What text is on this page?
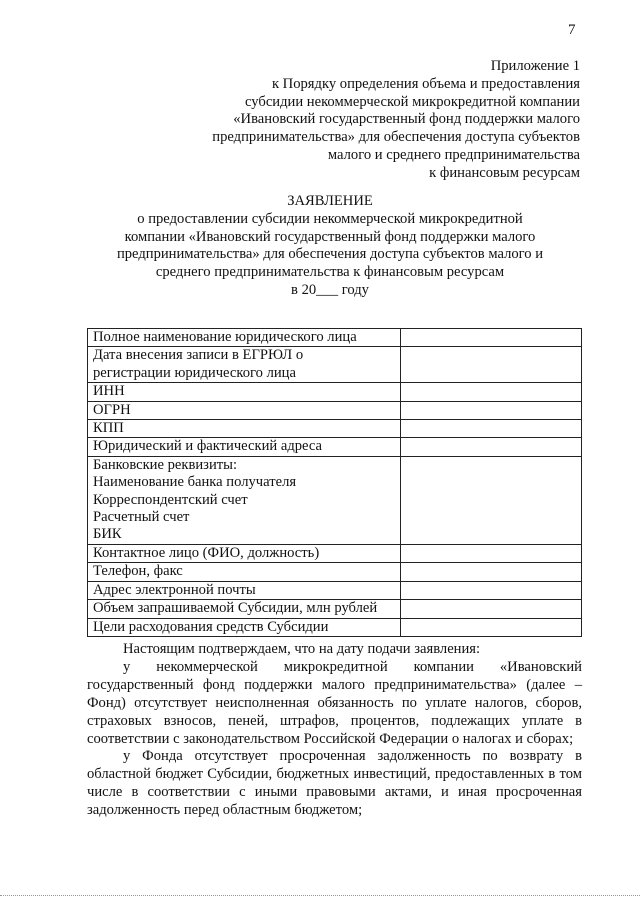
7
Приложение 1
к Порядку определения объема и предоставления
субсидии некоммерческой микрокредитной компании
«Ивановский государственный фонд поддержки малого
предпринимательства» для обеспечения доступа субъектов
малого и среднего предпринимательства
к финансовым ресурсам
ЗАЯВЛЕНИЕ
о предоставлении субсидии некоммерческой микрокредитной
компании «Ивановский государственный фонд поддержки малого
предпринимательства» для обеспечения доступа субъектов малого и
среднего предпринимательства к финансовым ресурсам
в 20___ году
Полное наименование юридического лица	

Дата внесения записи в ЕГРЮЛ о
регистрации юридического лица	

ИНН	

ОГРН	

КПП	

Юридический и фактический адреса	

Банковские реквизиты:
Наименование банка получателя
Корреспондентский счет
Расчетный счет
БИК	

Контактное лицо (ФИО, должность)	

Телефон, факс	

Адрес электронной почты	

Объем запрашиваемой Субсидии, млн рублей	

Цели расходования средств Субсидии	

Настоящим подтверждаем, что на дату подачи заявления:

у некоммерческой микрокредитной компании «Ивановский государственный фонд поддержки малого предпринимательства» (далее – Фонд) отсутствует неисполненная обязанность по уплате налогов, сборов, страховых взносов, пеней, штрафов, процентов, подлежащих уплате в соответствии с законодательством Российской Федерации о налогах и сборах;

у Фонда отсутствует просроченная задолженность по возврату в областной бюджет Субсидии, бюджетных инвестиций, предоставленных в том числе в соответствии с иными правовыми актами, и иная просроченная задолженность перед областным бюджетом;
